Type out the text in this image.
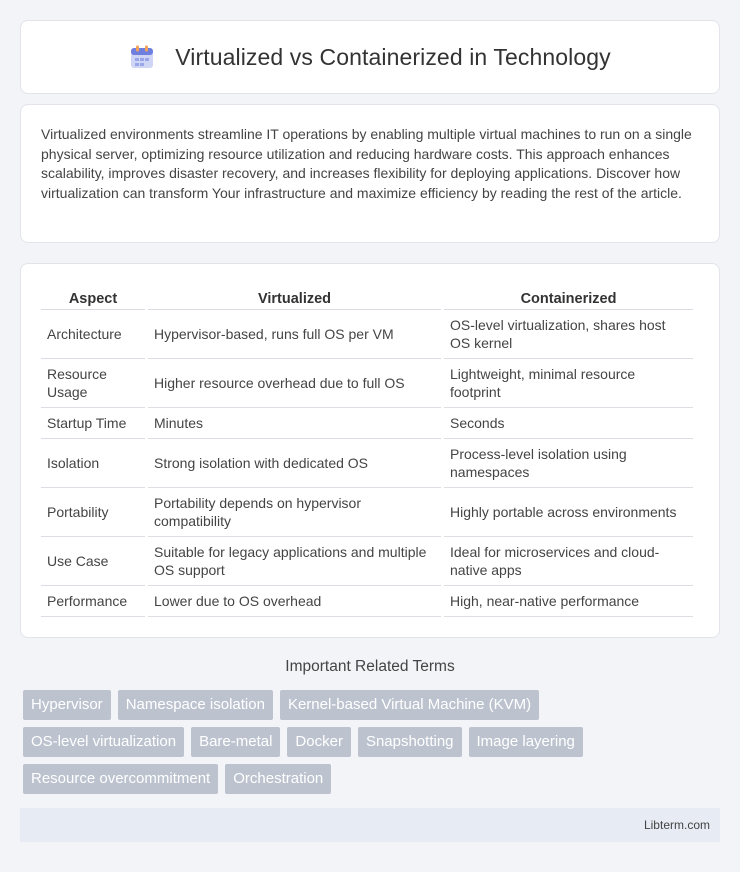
Virtualized vs Containerized in Technology

Virtualized environments streamline IT operations by enabling multiple virtual machines to run on a single physical server, optimizing resource utilization and reducing hardware costs. This approach enhances scalability, improves disaster recovery, and increases flexibility for deploying applications. Discover how virtualization can transform Your infrastructure and maximize efficiency by reading the rest of the article.

Aspect	Virtualized	Containerized
Architecture	Hypervisor-based, runs full OS per VM	OS-level virtualization, shares host OS kernel
Resource Usage	Higher resource overhead due to full OS	Lightweight, minimal resource footprint
Startup Time	Minutes	Seconds
Isolation	Strong isolation with dedicated OS	Process-level isolation using namespaces
Portability	Portability depends on hypervisor compatibility	Highly portable across environments
Use Case	Suitable for legacy applications and multiple OS support	Ideal for microservices and cloud-native apps
Performance	Lower due to OS overhead	High, near-native performance
Important Related Terms
Hypervisor	Namespace isolation	Kernel-based Virtual Machine (KVM)
OS-level virtualization	Bare-metal	Docker	Snapshotting	Image layering
Resource overcommitment	Orchestration
Libterm.com
